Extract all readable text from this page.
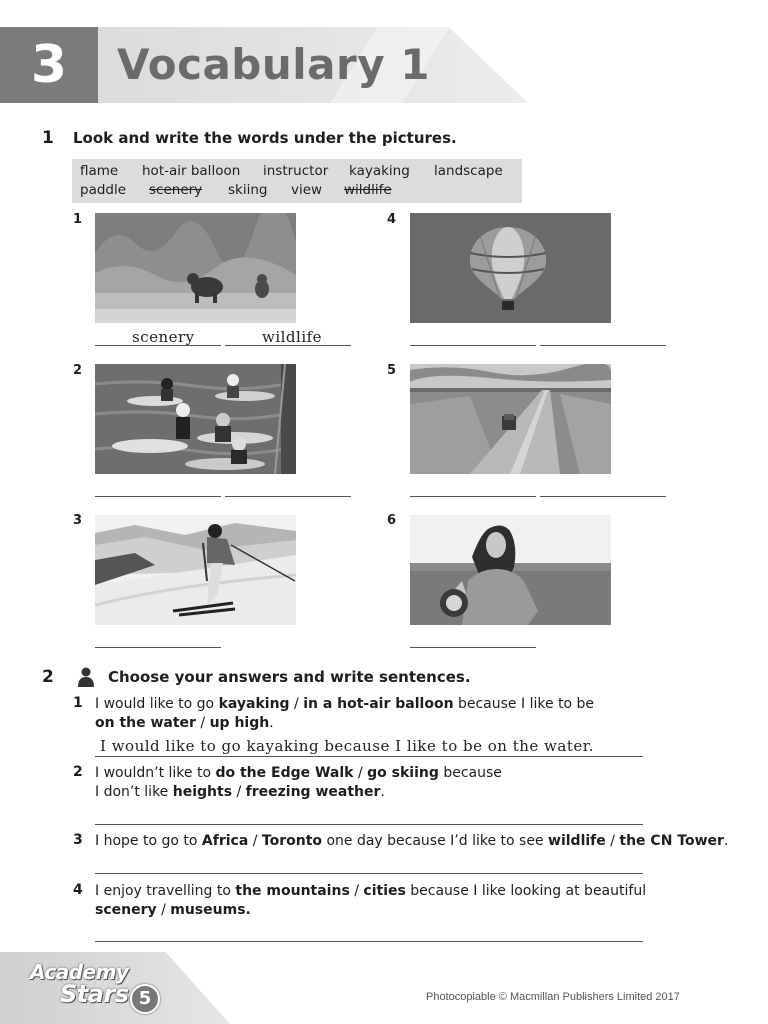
3	Vocabulary 1
1 Look and write the words under the pictures.
flame hot-air balloon instructor kayaking landscape
paddle scenery skiing view wildlife
1
scenery	wildlife
2
3
4
5
6
2	Choose your answers and write sentences.
1 I would like to go kayaking / in a hot-air balloon because I like to be
on the water / up high.
I would like to go kayaking because I like to be on the water.
2 I wouldn’t like to do the Edge Walk / go skiing because
I don’t like heights / freezing weather.
3 I hope to go to Africa / Toronto one day because I’d like to see wildlife / the CN Tower.
4 I enjoy travelling to the mountains / cities because I like looking at beautiful
scenery / museums.
Academy
Stars 5	Photocopiable © Macmillan Publishers Limited 2017
